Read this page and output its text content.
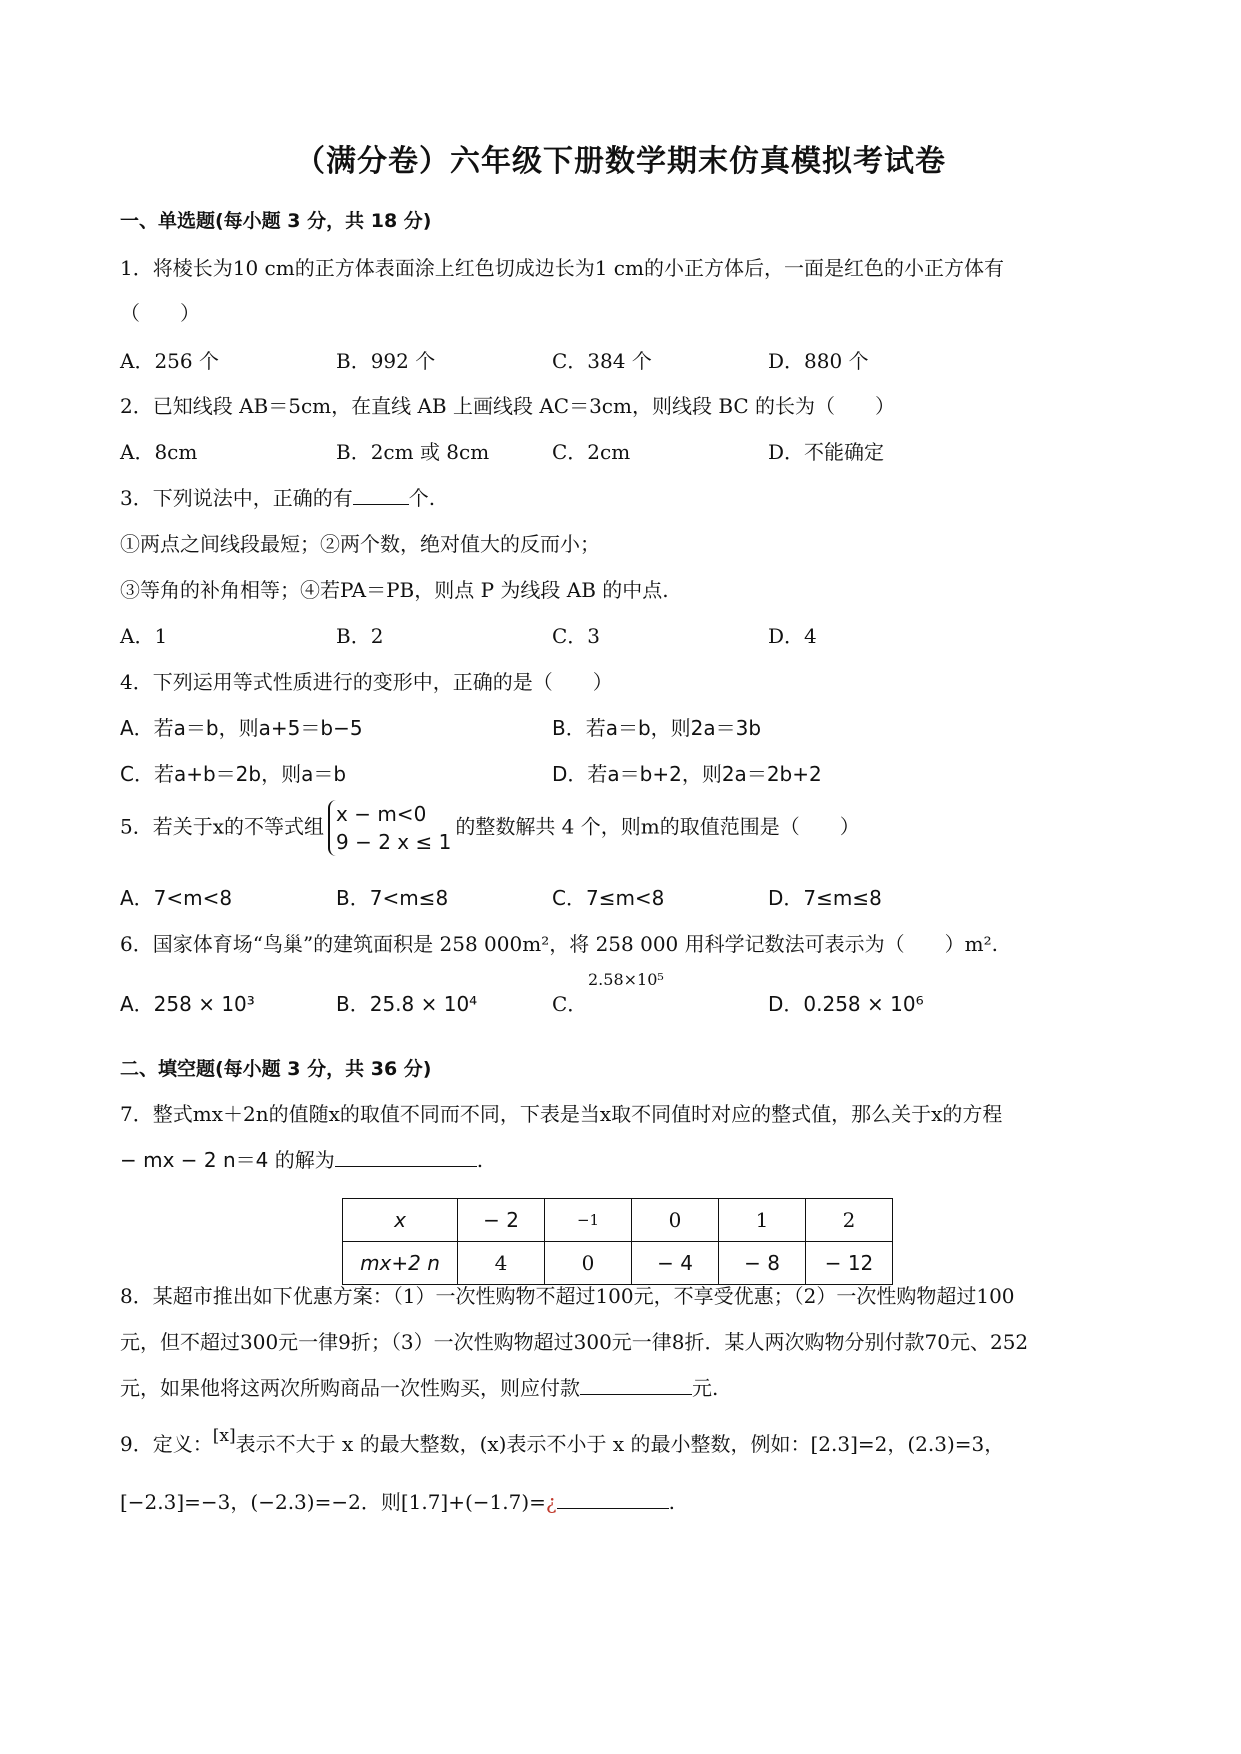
（满分卷）六年级下册数学期末仿真模拟考试卷
一、单选题(每小题 3 分，共 18 分)
1．将棱长为10 cm的正方体表面涂上红色切成边长为1 cm的小正方体后，一面是红色的小正方体有
（　　）
A．256 个	B．992 个	C．384 个	D．880 个
2．已知线段 AB＝5cm，在直线 AB 上画线段 AC＝3cm，则线段 BC 的长为（　　）
A．8cm	B．2cm 或 8cm	C．2cm	D．不能确定
3．下列说法中，正确的有	个.
①两点之间线段最短；②两个数，绝对值大的反而小；
③等角的补角相等；④若PA＝PB，则点 P 为线段 AB 的中点.
A．1	B．2	C．3	D．4
4．下列运用等式性质进行的变形中，正确的是（　　）
A．若a＝b，则a+5＝b−5	B．若a＝b，则2a＝3b
C．若a+b＝2b，则a＝b	D．若a＝b+2，则2a＝2b+2
5．若关于x的不等式组
x − m<0
9 − 2 x ≤ 1
的整数解共 4 个，则m的取值范围是（　　）
A．7<m<8	B．7<m≤8	C．7≤m<8	D．7≤m≤8
6．国家体育场“鸟巢”的建筑面积是 258 000m²，将 258 000 用科学记数法可表示为（　　）m².
A．258 × 10³	B．25.8 × 10⁴	C．
2.58×10⁵
D．0.258 × 10⁶
二、填空题(每小题 3 分，共 36 分)
7．整式mx＋2n的值随x的取值不同而不同，下表是当x取不同值时对应的整式值，那么关于x的方程
− mx − 2 n＝4 的解为	.
x	− 2	−1	0	1	2
mx+2 n	4	0	− 4	− 8	− 12
8．某超市推出如下优惠方案：（1）一次性购物不超过100元，不享受优惠；（2）一次性购物超过100
元，但不超过300元一律9折；（3）一次性购物超过300元一律8折．某人两次购物分别付款70元、252
元，如果他将这两次所购商品一次性购买，则应付款	元.
9．定义：[x]表示不大于 x 的最大整数，(x)表示不小于 x 的最小整数，例如：[2.3]=2，(2.3)=3，
[−2.3]=−3，(−2.3)=−2．则[1.7]+(−1.7)=¿	.
